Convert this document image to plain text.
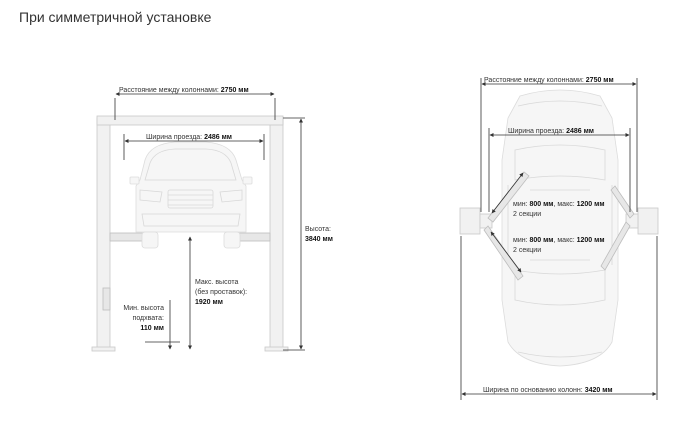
При симметричной установке
Расстояние между колоннами: 2750 мм
Ширина проезда: 2486 мм
Высота:
3840 мм
Макс. высота
(без проставок):
1920 мм
Мин. высота
подхвата:
110 мм
Расстояние между колоннами: 2750 мм
Ширина проезда: 2486 мм
мин: 800 мм, макс: 1200 мм
2 секции
мин: 800 мм, макс: 1200 мм
2 секции
Ширина по основанию колонн: 3420 мм
